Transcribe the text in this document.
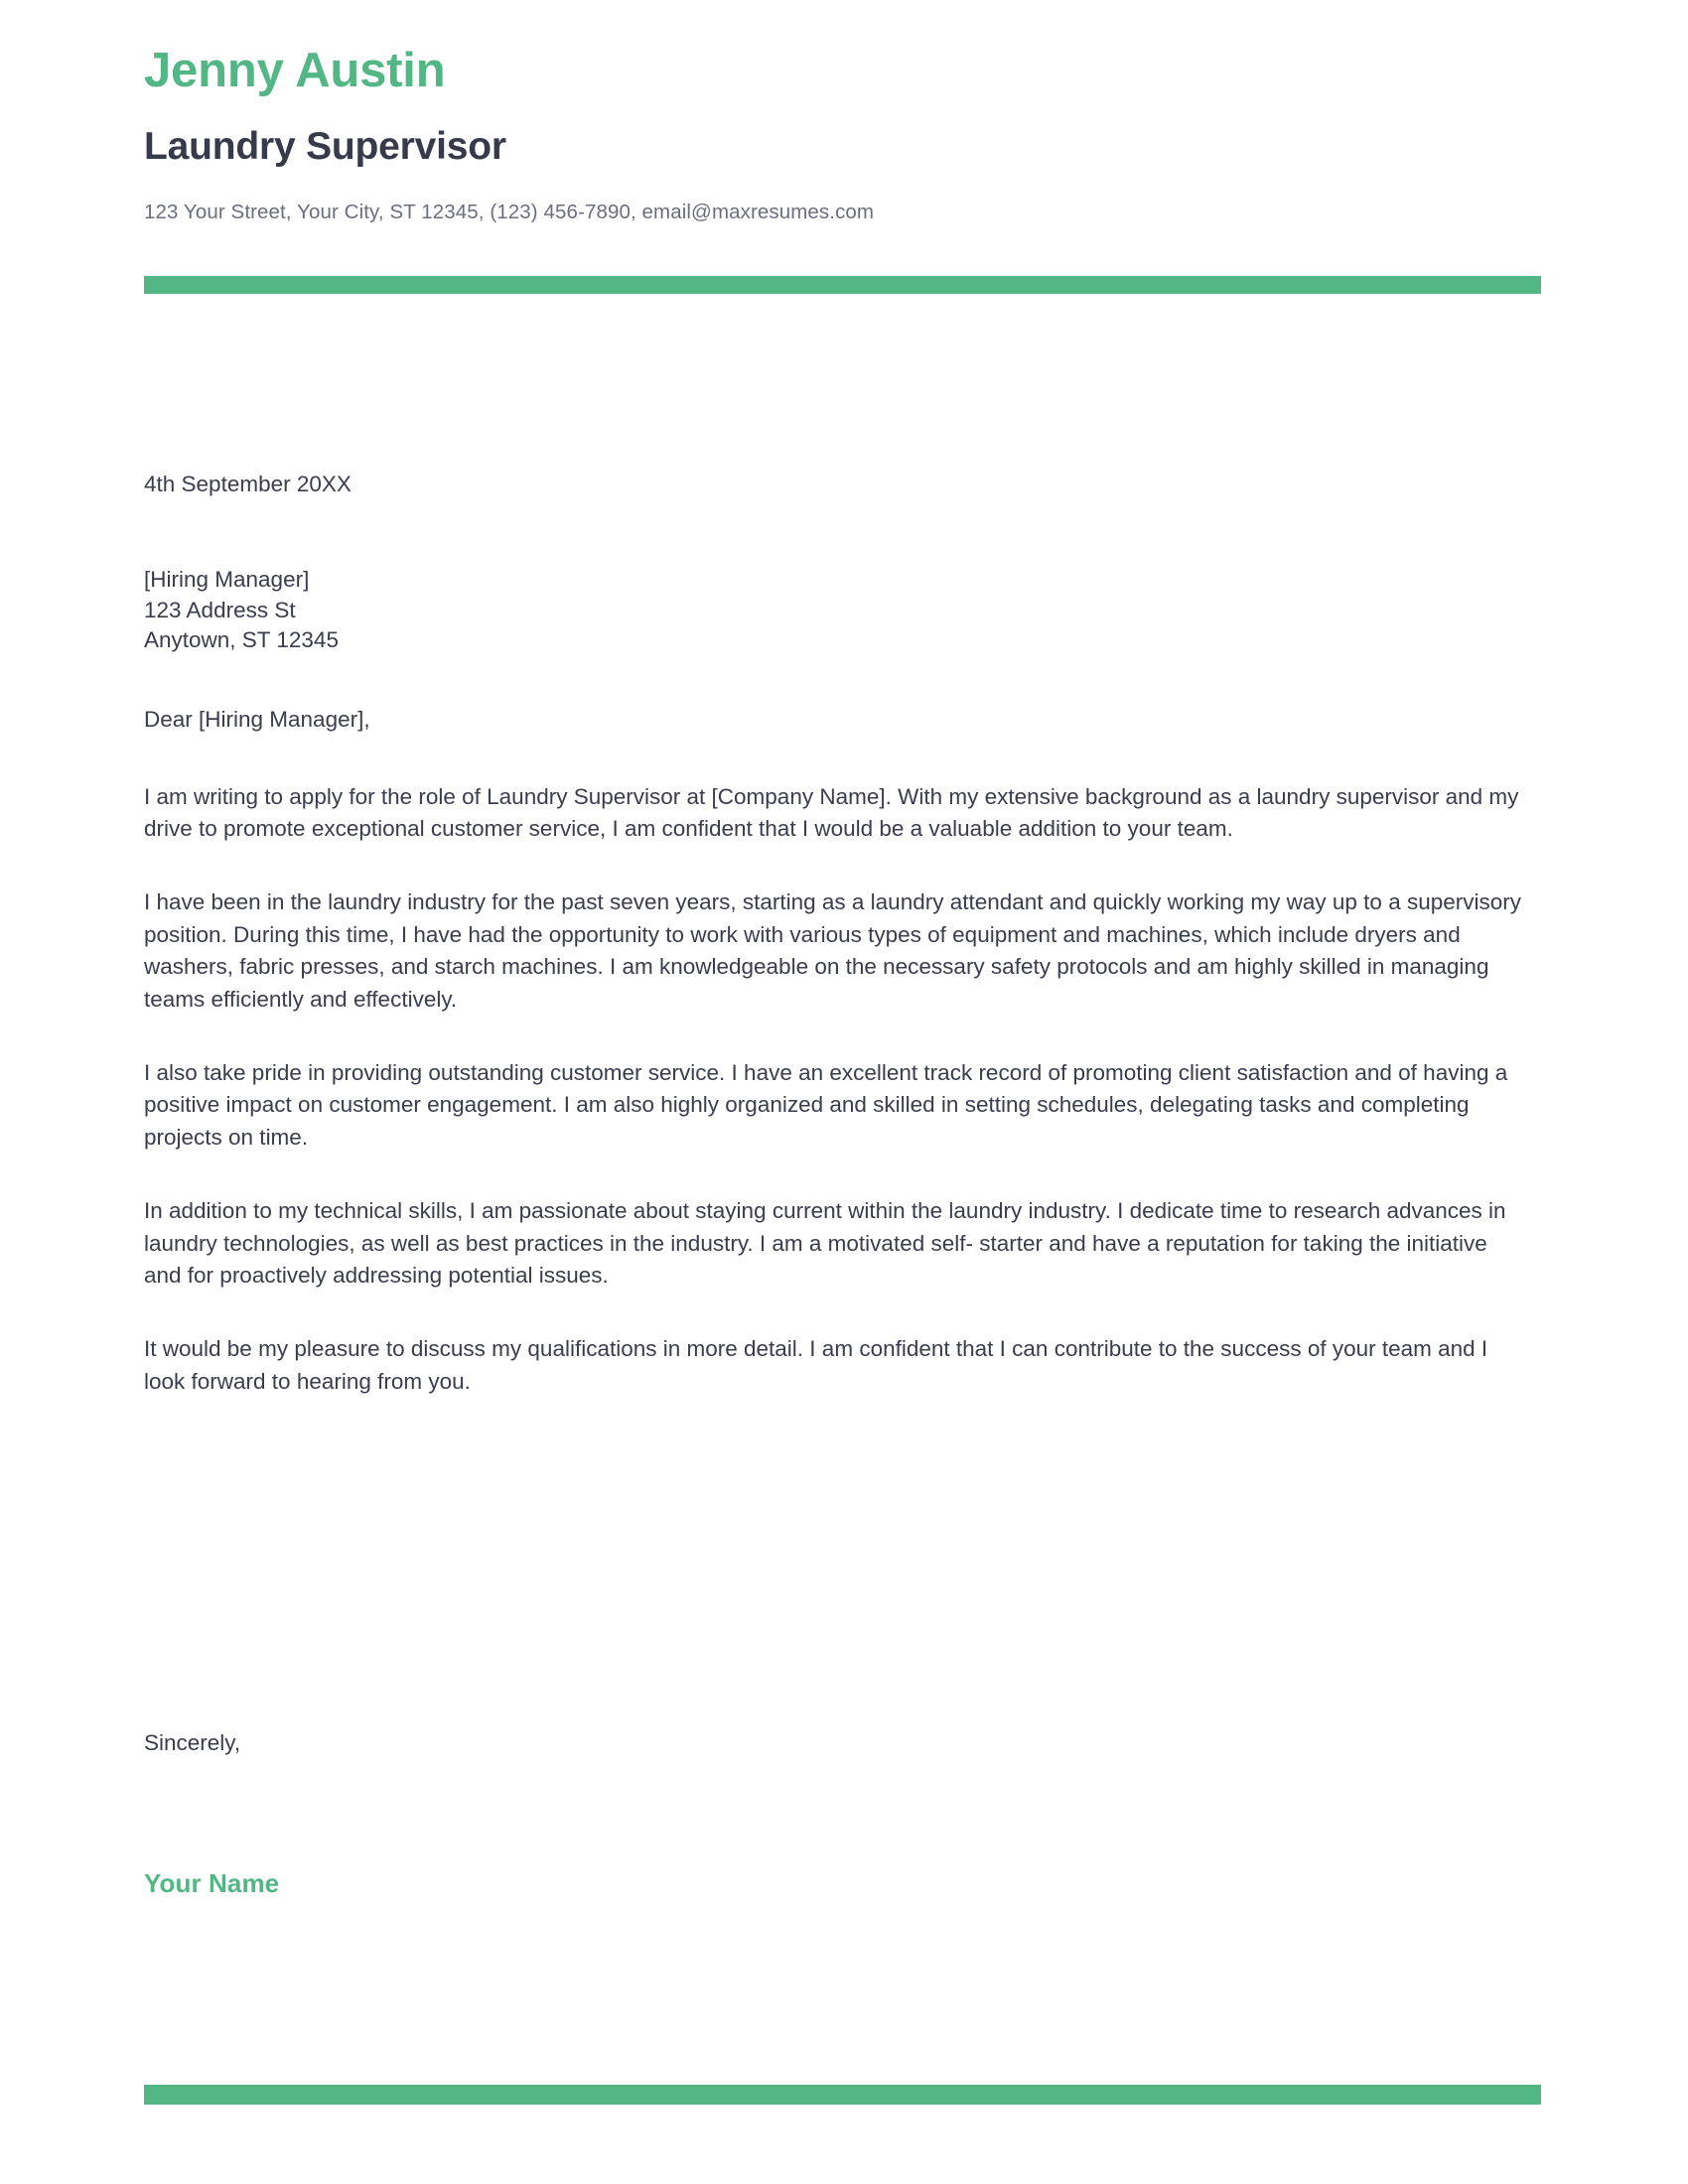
Jenny Austin
Laundry Supervisor

123 Your Street, Your City, ST 12345, (123) 456-7890, email@maxresumes.com

4th September 20XX
[Hiring Manager]
123 Address St
Anytown, ST 12345
Dear [Hiring Manager],

I am writing to apply for the role of Laundry Supervisor at [Company Name]. With my extensive background as a laundry supervisor and my drive to promote exceptional customer service, I am confident that I would be a valuable addition to your team.

I have been in the laundry industry for the past seven years, starting as a laundry attendant and quickly working my way up to a supervisory position. During this time, I have had the opportunity to work with various types of equipment and machines, which include dryers and washers, fabric presses, and starch machines. I am knowledgeable on the necessary safety protocols and am highly skilled in managing teams efficiently and effectively.

I also take pride in providing outstanding customer service. I have an excellent track record of promoting client satisfaction and of having a positive impact on customer engagement. I am also highly organized and skilled in setting schedules, delegating tasks and completing projects on time.

In addition to my technical skills, I am passionate about staying current within the laundry industry. I dedicate time to research advances in laundry technologies, as well as best practices in the industry. I am a motivated self- starter and have a reputation for taking the initiative and for proactively addressing potential issues.

It would be my pleasure to discuss my qualifications in more detail. I am confident that I can contribute to the success of your team and I look forward to hearing from you.

Sincerely,
Your Name
